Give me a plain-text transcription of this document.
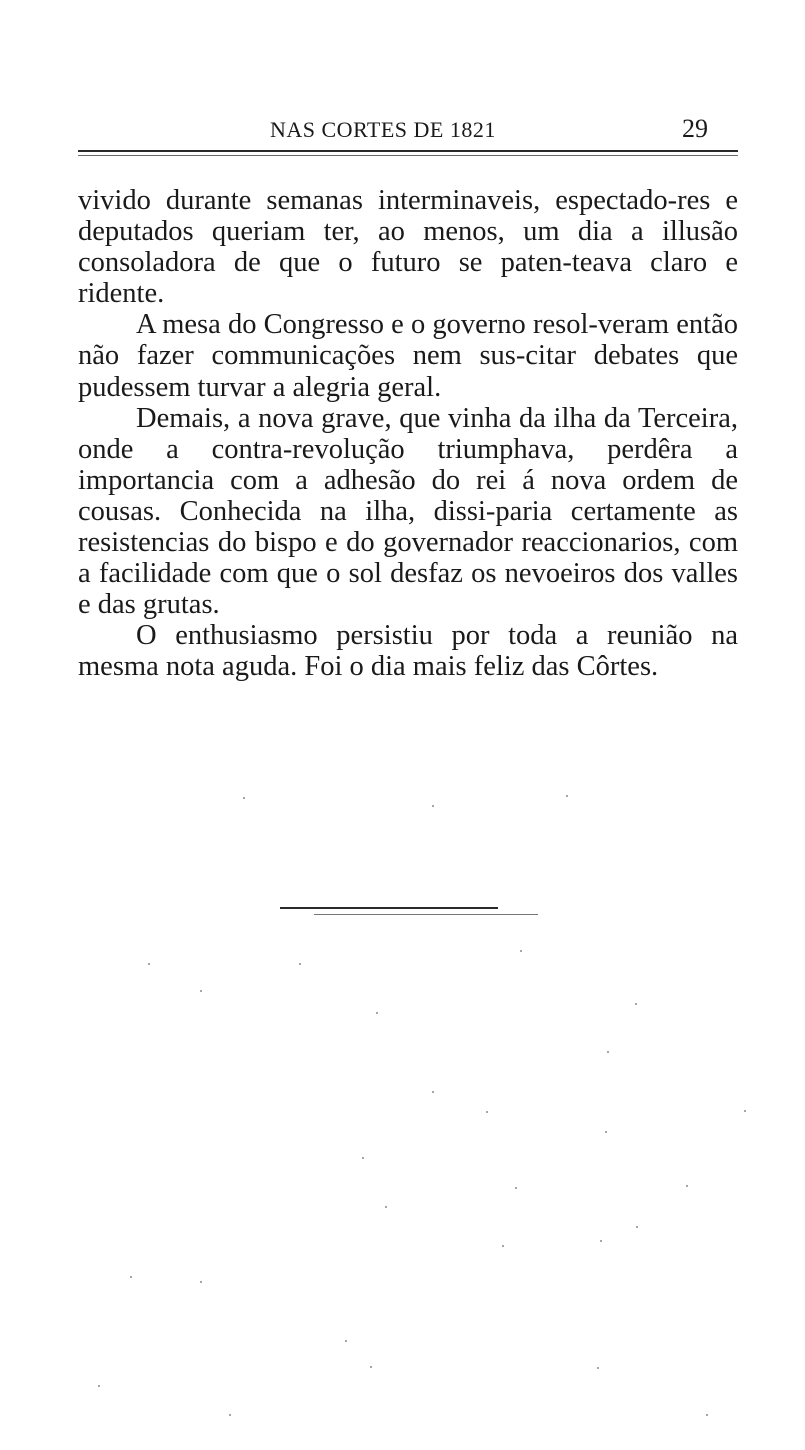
NAS CORTES DE 1821	29

vivido durante semanas interminaveis, espectado-res e deputados queriam ter, ao menos, um dia a illusão consoladora de que o futuro se paten-teava claro e ridente.

A mesa do Congresso e o governo resol-veram então não fazer communicações nem sus-citar debates que pudessem turvar a alegria geral.

Demais, a nova grave, que vinha da ilha da Terceira, onde a contra-revolução triumphava, perdêra a importancia com a adhesão do rei á nova ordem de cousas. Conhecida na ilha, dissi-paria certamente as resistencias do bispo e do governador reaccionarios, com a facilidade com que o sol desfaz os nevoeiros dos valles e das grutas.

O enthusiasmo persistiu por toda a reunião na mesma nota aguda. Foi o dia mais feliz das Côrtes.
